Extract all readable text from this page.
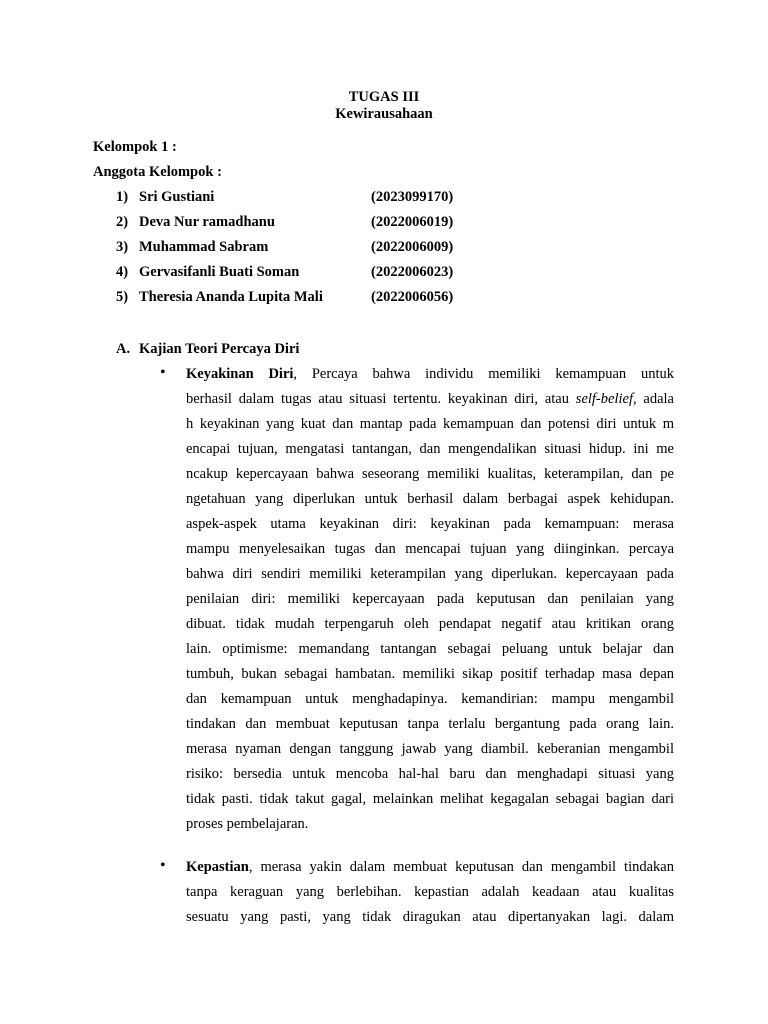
TUGAS III
Kewirausahaan
Kelompok 1 :
Anggota Kelompok :
1) Sri Gustiani	(2023099170)
2) Deva Nur ramadhanu	(2022006019)
3) Muhammad Sabram	(2022006009)
4) Gervasifanli Buati Soman	(2022006023)
5) Theresia Ananda Lupita Mali	(2022006056)
A. Kajian Teori Percaya Diri
• Keyakinan Diri, Percaya bahwa individu memiliki kemampuan untuk
berhasil dalam tugas atau situasi tertentu. keyakinan diri, atau self-belief, adala
h keyakinan yang kuat dan mantap pada kemampuan dan potensi diri untuk m
encapai tujuan, mengatasi tantangan, dan mengendalikan situasi hidup. ini me
ncakup kepercayaan bahwa seseorang memiliki kualitas, keterampilan, dan pe
ngetahuan yang diperlukan untuk berhasil dalam berbagai aspek kehidupan.
aspek-aspek utama keyakinan diri: keyakinan pada kemampuan: merasa
mampu menyelesaikan tugas dan mencapai tujuan yang diinginkan. percaya
bahwa diri sendiri memiliki keterampilan yang diperlukan. kepercayaan pada
penilaian diri: memiliki kepercayaan pada keputusan dan penilaian yang
dibuat. tidak mudah terpengaruh oleh pendapat negatif atau kritikan orang
lain. optimisme: memandang tantangan sebagai peluang untuk belajar dan
tumbuh, bukan sebagai hambatan. memiliki sikap positif terhadap masa depan
dan kemampuan untuk menghadapinya. kemandirian: mampu mengambil
tindakan dan membuat keputusan tanpa terlalu bergantung pada orang lain.
merasa nyaman dengan tanggung jawab yang diambil. keberanian mengambil
risiko: bersedia untuk mencoba hal-hal baru dan menghadapi situasi yang
tidak pasti. tidak takut gagal, melainkan melihat kegagalan sebagai bagian dari
proses pembelajaran.
• Kepastian, merasa yakin dalam membuat keputusan dan mengambil tindakan
tanpa keraguan yang berlebihan. kepastian adalah keadaan atau kualitas
sesuatu yang pasti, yang tidak diragukan atau dipertanyakan lagi. dalam
